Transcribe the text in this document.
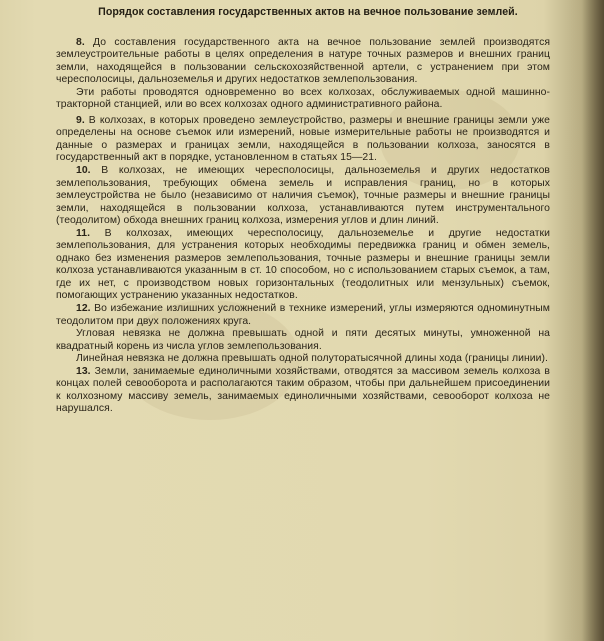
Порядок составления государственных актов на вечное пользование землей.

8. До составления государственного акта на вечное пользование землей производятся землеустроительные работы в целях определения в натуре точных размеров и внешних границ земли, находящейся в пользовании сельскохозяйственной артели, с устранением при этом чересполосицы, дальноземелья и других недостатков землепользования.

Эти работы проводятся одновременно во всех колхозах, обслуживаемых одной машинно-тракторной станцией, или во всех колхозах одного административного района.

9. В колхозах, в которых проведено землеустройство, размеры и внешние границы земли уже определены на основе съемок или измерений, новые измерительные работы не производятся и данные о размерах и границах земли, находящейся в пользовании колхоза, заносятся в государственный акт в порядке, установленном в статьях 15—21.

10. В колхозах, не имеющих чересполосицы, дальноземелья и других недостатков землепользования, требующих обмена земель и исправления границ, но в которых землеустройства не было (независимо от наличия съемок), точные размеры и внешние границы земли, находящейся в пользовании колхоза, устанавливаются путем инструментального (теодолитом) обхода внешних границ колхоза, измерения углов и длин линий.

11. В колхозах, имеющих чересполосицу, дальноземелье и другие недостатки землепользования, для устранения которых необходимы передвижка границ и обмен земель, однако без изменения размеров землепользования, точные размеры и внешние границы земли колхоза устанавливаются указанным в ст. 10 способом, но с использованием старых съемок, а там, где их нет, с производством новых горизонтальных (теодолитных или мензульных) съемок, помогающих устранению указанных недостатков.

12. Во избежание излишних усложнений в технике измерений, углы измеряются одноминутным теодолитом при двух положениях круга.

Угловая невязка не должна превышать одной и пяти десятых минуты, умноженной на квадратный корень из числа углов землепользования.

Линейная невязка не должна превышать одной полуторатысячной длины хода (границы линии).

13. Земли, занимаемые единоличными хозяйствами, отводятся за массивом земель колхоза в концах полей севооборота и располагаются таким образом, чтобы при дальнейшем присоединении к колхозному массиву земель, занимаемых единоличными хозяйствами, севооборот колхоза не нарушался.
